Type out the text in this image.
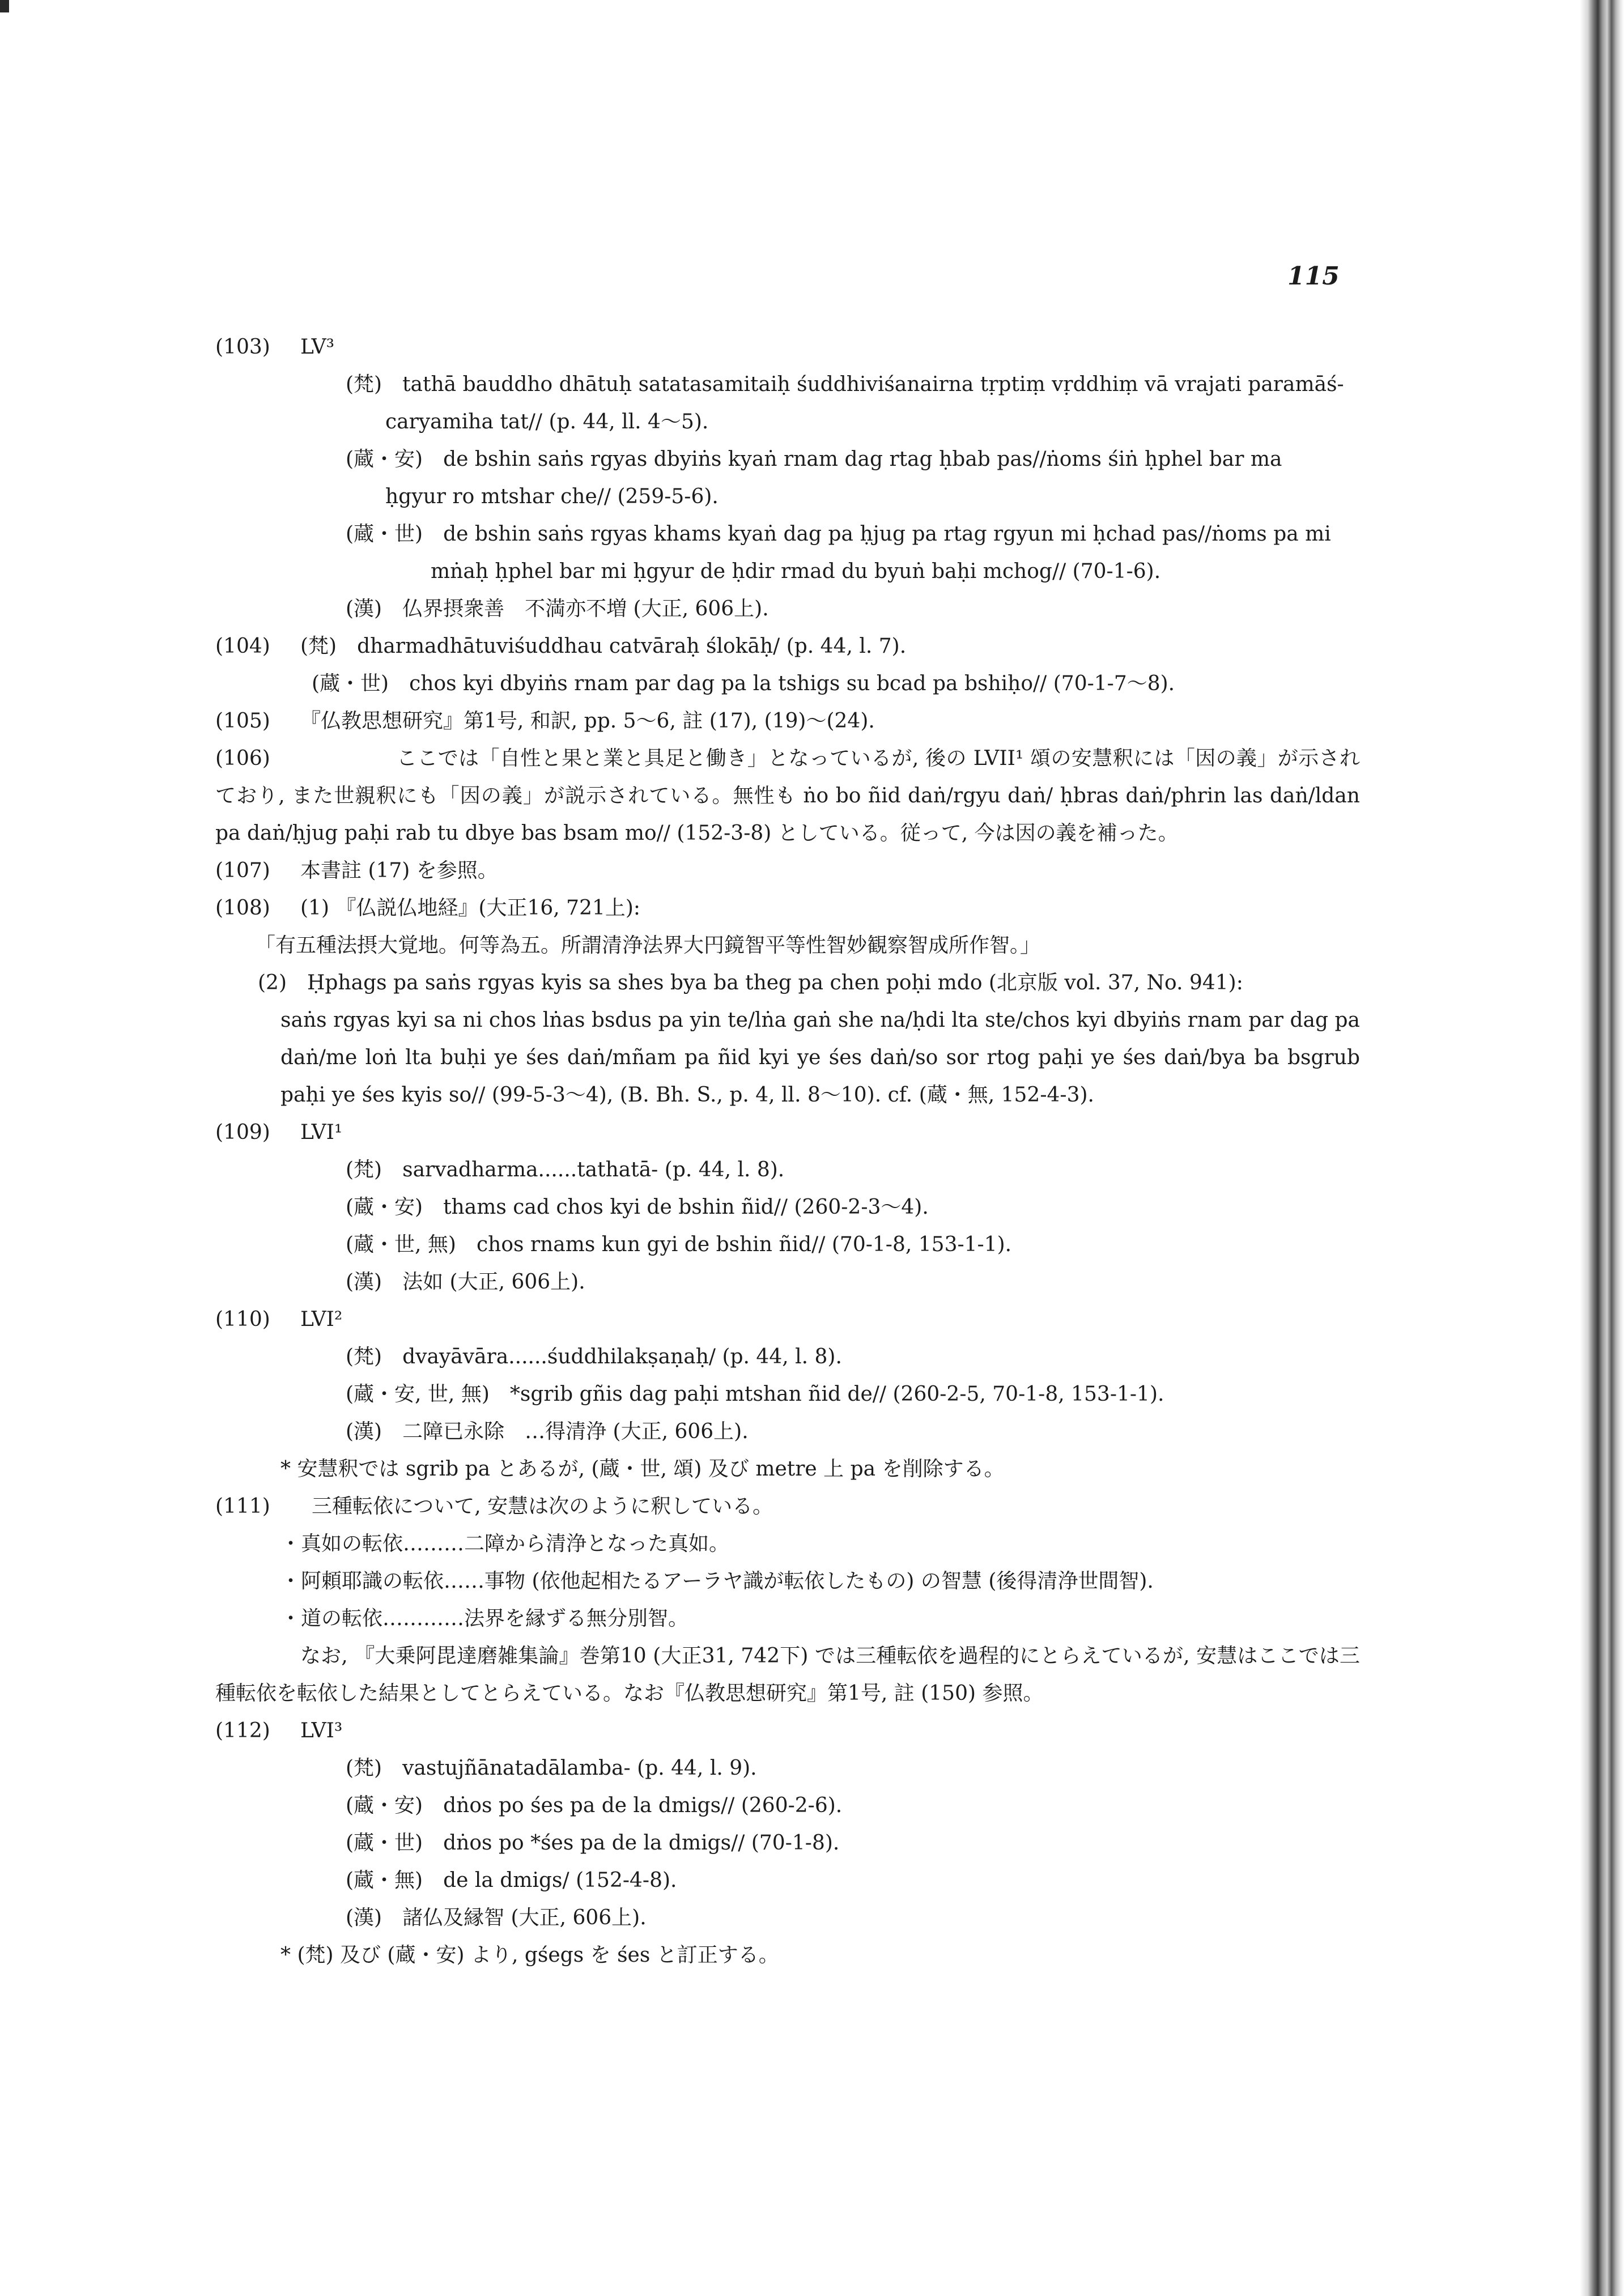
115
(103)	LV³
(梵)　tathā bauddho dhātuḥ satatasamitaiḥ śuddhiviśanairna tṛptiṃ vṛddhiṃ vā vrajati paramāś-
caryamiha tat// (p. 44, ll. 4～5).
(蔵・安)　de bshin saṅs rgyas dbyiṅs kyaṅ rnam dag rtag ḥbab pas//ṅoms śiṅ ḥphel bar ma
ḥgyur ro mtshar che// (259-5-6).
(蔵・世)　de bshin saṅs rgyas khams kyaṅ dag pa ḥjug pa rtag rgyun mi ḥchad pas//ṅoms pa mi
mṅaḥ ḥphel bar mi ḥgyur de ḥdir rmad du byuṅ baḥi mchog// (70-1-6).
(漢)　仏界摂衆善　不満亦不増 (大正, 606上).
(104)	(梵)　dharmadhātuviśuddhau catvāraḥ ślokāḥ/ (p. 44, l. 7).
(蔵・世)　chos kyi dbyiṅs rnam par dag pa la tshigs su bcad pa bshiḥo// (70-1-7～8).
(105)	『仏教思想研究』第1号, 和訳, pp. 5～6, 註 (17), (19)～(24).
(106)	ここでは「自性と果と業と具足と働き」となっているが, 後の LVII¹ 頌の安慧釈には「因の義」が示されており, また世親釈にも「因の義」が説示されている。無性も ṅo bo ñid daṅ/rgyu daṅ/ ḥbras daṅ/phrin las daṅ/ldan pa daṅ/ḥjug paḥi rab tu dbye bas bsam mo// (152-3-8) としている。従って, 今は因の義を補った。
(107)	本書註 (17) を参照。
(108)	(1) 『仏説仏地経』(大正16, 721上):
「有五種法摂大覚地。何等為五。所謂清浄法界大円鏡智平等性智妙観察智成所作智。」
(2)　Ḥphags pa saṅs rgyas kyis sa shes bya ba theg pa chen poḥi mdo (北京版 vol. 37, No. 941):
saṅs rgyas kyi sa ni chos lṅas bsdus pa yin te/lṅa gaṅ she na/ḥdi lta ste/chos kyi dbyiṅs rnam par dag pa daṅ/me loṅ lta buḥi ye śes daṅ/mñam pa ñid kyi ye śes daṅ/so sor rtog paḥi ye śes daṅ/bya ba bsgrub paḥi ye śes kyis so// (99-5-3～4), (B. Bh. S., p. 4, ll. 8～10). cf. (蔵・無, 152-4-3).
(109)	LVI¹
(梵)　sarvadharma......tathatā- (p. 44, l. 8).
(蔵・安)　thams cad chos kyi de bshin ñid// (260-2-3～4).
(蔵・世, 無)　chos rnams kun gyi de bshin ñid// (70-1-8, 153-1-1).
(漢)　法如 (大正, 606上).
(110)	LVI²
(梵)　dvayāvāra......śuddhilakṣaṇaḥ/ (p. 44, l. 8).
(蔵・安, 世, 無)　*sgrib gñis dag paḥi mtshan ñid de// (260-2-5, 70-1-8, 153-1-1).
(漢)　二障已永除　…得清浄 (大正, 606上).
* 安慧釈では sgrib pa とあるが, (蔵・世, 頌) 及び metre 上 pa を削除する。
(111)	三種転依について, 安慧は次のように釈している。
・真如の転依………二障から清浄となった真如。
・阿頼耶識の転依……事物 (依他起相たるアーラヤ識が転依したもの) の智慧 (後得清浄世間智).
・道の転依…………法界を縁ずる無分別智。
なお, 『大乗阿毘達磨雑集論』巻第10 (大正31, 742下) では三種転依を過程的にとらえているが, 安慧はここでは三種転依を転依した結果としてとらえている。なお『仏教思想研究』第1号, 註 (150) 参照。
(112)	LVI³
(梵)　vastujñānatadālamba- (p. 44, l. 9).
(蔵・安)　dṅos po śes pa de la dmigs// (260-2-6).
(蔵・世)　dṅos po *śes pa de la dmigs// (70-1-8).
(蔵・無)　de la dmigs/ (152-4-8).
(漢)　諸仏及縁智 (大正, 606上).
* (梵) 及び (蔵・安) より, gśegs を śes と訂正する。
